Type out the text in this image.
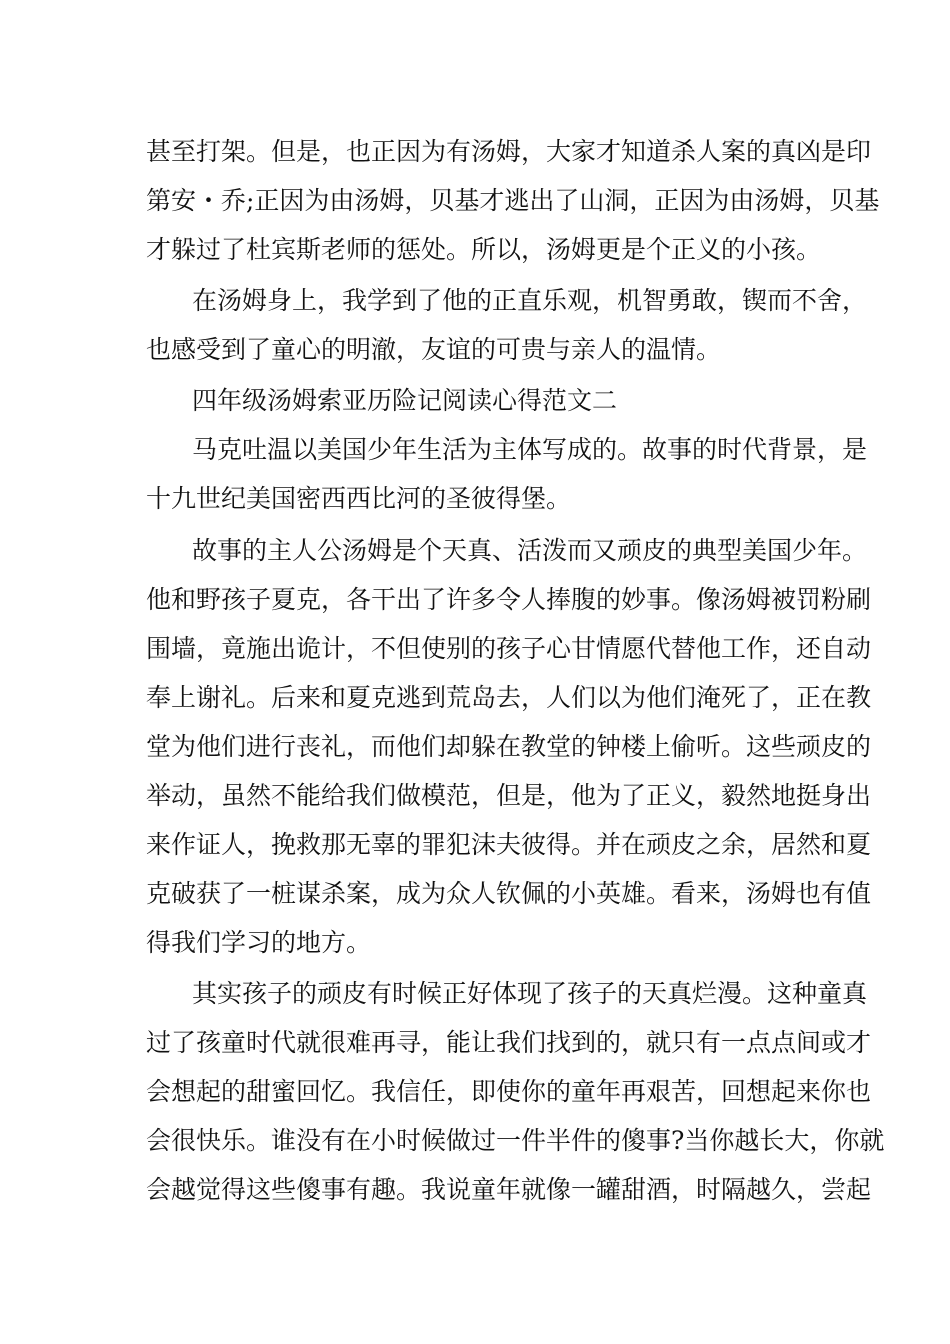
甚至打架。但是，也正因为有汤姆，大家才知道杀人案的真凶是印
第安・乔;正因为由汤姆，贝基才逃出了山洞，正因为由汤姆，贝基
才躲过了杜宾斯老师的惩处。所以，汤姆更是个正义的小孩。
在汤姆身上，我学到了他的正直乐观，机智勇敢，锲而不舍，
也感受到了童心的明澈，友谊的可贵与亲人的温情。
四年级汤姆索亚历险记阅读心得范文二
马克吐温以美国少年生活为主体写成的。故事的时代背景，是
十九世纪美国密西西比河的圣彼得堡。
故事的主人公汤姆是个天真、活泼而又顽皮的典型美国少年。
他和野孩子夏克，各干出了许多令人捧腹的妙事。像汤姆被罚粉刷
围墙，竟施出诡计，不但使别的孩子心甘情愿代替他工作，还自动
奉上谢礼。后来和夏克逃到荒岛去，人们以为他们淹死了，正在教
堂为他们进行丧礼，而他们却躲在教堂的钟楼上偷听。这些顽皮的
举动，虽然不能给我们做模范，但是，他为了正义，毅然地挺身出
来作证人，挽救那无辜的罪犯沫夫彼得。并在顽皮之余，居然和夏
克破获了一桩谋杀案，成为众人钦佩的小英雄。看来，汤姆也有值
得我们学习的地方。
其实孩子的顽皮有时候正好体现了孩子的天真烂漫。这种童真
过了孩童时代就很难再寻，能让我们找到的，就只有一点点间或才
会想起的甜蜜回忆。我信任，即使你的童年再艰苦，回想起来你也
会很快乐。谁没有在小时候做过一件半件的傻事?当你越长大，你就
会越觉得这些傻事有趣。我说童年就像一罐甜酒，时隔越久，尝起
